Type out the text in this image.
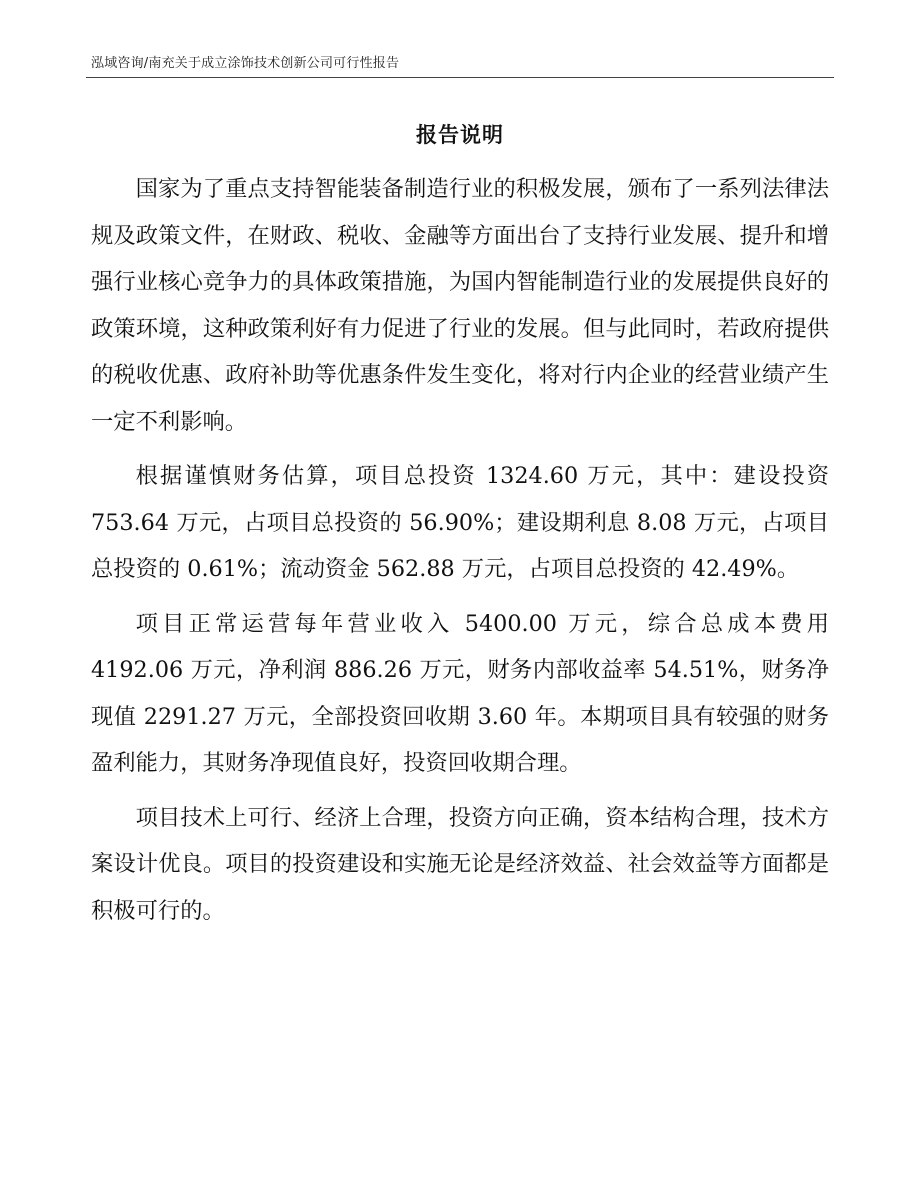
泓域咨询/南充关于成立涂饰技术创新公司可行性报告
报告说明

国家为了重点支持智能装备制造行业的积极发展，颁布了一系列法律法规及政策文件，在财政、税收、金融等方面出台了支持行业发展、提升和增强行业核心竞争力的具体政策措施，为国内智能制造行业的发展提供良好的政策环境，这种政策利好有力促进了行业的发展。但与此同时，若政府提供的税收优惠、政府补助等优惠条件发生变化，将对行内企业的经营业绩产生一定不利影响。

根据谨慎财务估算，项目总投资 1324.60 万元，其中：建设投资 753.64 万元，占项目总投资的 56.90%；建设期利息 8.08 万元，占项目总投资的 0.61%；流动资金 562.88 万元，占项目总投资的 42.49%。

项目正常运营每年营业收入 5400.00 万元，综合总成本费用 4192.06 万元，净利润 886.26 万元，财务内部收益率 54.51%，财务净现值 2291.27 万元，全部投资回收期 3.60 年。本期项目具有较强的财务盈利能力，其财务净现值良好，投资回收期合理。

项目技术上可行、经济上合理，投资方向正确，资本结构合理，技术方案设计优良。项目的投资建设和实施无论是经济效益、社会效益等方面都是积极可行的。
